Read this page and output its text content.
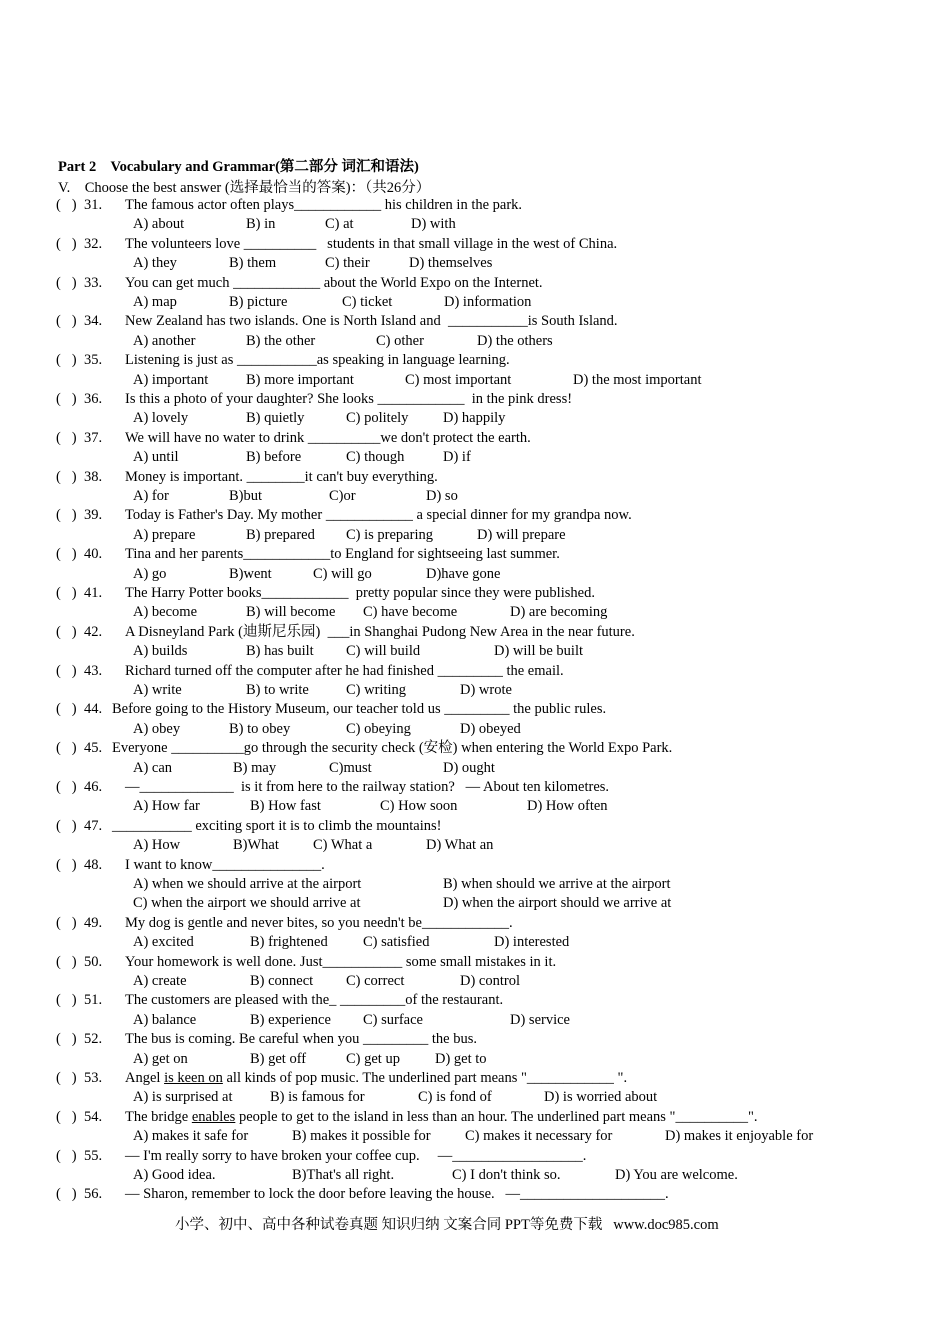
Part 2    Vocabulary and Grammar(第二部分 词汇和语法)
V.    Choose the best answer (选择最恰当的答案)：（共26分）
(   ) 31.	The famous actor often plays____________ his children in the park.
A) about	B) in	C) at	D) with
(   ) 32.	The volunteers love __________   students in that small village in the west of China.
A) they	B) them	C) their	D) themselves
(   ) 33.	You can get much ____________ about the World Expo on the Internet.
A) map	B) picture	C) ticket	D) information
(   ) 34.	New Zealand has two islands. One is North Island and  ___________is South Island.
A) another	B) the other	C) other	D) the others
(   ) 35.	Listening is just as ___________as speaking in language learning.
A) important	B) more important	C) most important	D) the most important
(   ) 36.	Is this a photo of your daughter? She looks ____________  in the pink dress!
A) lovely	B) quietly	C) politely D) happily
(   ) 37.	We will have no water to drink __________we don't protect the earth.
A) until	B) before	C) though	D) if
(   ) 38.	Money is important. ________it can't buy everything.
A) for	B)but	C)or	D) so
(   ) 39.	Today is Father's Day. My mother ____________ a special dinner for my grandpa now.
A) prepare	B) prepared C) is preparing	D) will prepare
(   ) 40.	Tina and her parents____________to England for sightseeing last summer.
A) go	B)went	C) will go	D)have gone
(   ) 41.	The Harry Potter books____________  pretty popular since they were published.
A) become	B) will become C) have become	D) are becoming
(   ) 42.	A Disneyland Park (迪斯尼乐园)  ___in Shanghai Pudong New Area in the near future.
A) builds	B) has built C) will build	D) will be built
(   ) 43.	Richard turned off the computer after he had finished _________ the email.
A) write	B) to write	C) writing	D) wrote
(   ) 44. Before going to the History Museum, our teacher told us _________ the public rules.
A) obey	B) to obey	C) obeying	D) obeyed
(   ) 45. Everyone __________go through the security check (安检) when entering the World Expo Park.
A) can	B) may	C)must	D) ought
(   ) 46.	—_____________  is it from here to the railway station?   — About ten kilometres.
A) How far	B) How fast	C) How soon	D) How often
(   ) 47. ___________ exciting sport it is to climb the mountains!
A) How	B)What C) What a	D) What an
(   ) 48.	I want to know_______________.
A) when we should arrive at the airport	B) when should we arrive at the airport
C) when the airport we should arrive at	D) when the airport should we arrive at
(   ) 49.	My dog is gentle and never bites, so you needn't be____________.
A) excited	B) frightened C) satisfied	D) interested
(   ) 50.	Your homework is well done. Just___________ some small mistakes in it.
A) create	B) connect C) correct	D) control
(   ) 51.	The customers are pleased with the_ _________of the restaurant.
A) balance	B) experience C) surface	D) service
(   ) 52.	The bus is coming. Be careful when you _________ the bus.
A) get on	B) get off	C) get up D) get to
(   ) 53.	Angel is keen on all kinds of pop music. The underlined part means "____________ ".
A) is surprised at	B) is famous for	C) is fond of	D) is worried about
(   ) 54.	The bridge enables people to get to the island in less than an hour. The underlined part means "__________".
A) makes it safe for	B) makes it possible for C) makes it necessary for	D) makes it enjoyable for
(   ) 55.	— I'm really sorry to have broken your coffee cup.     —__________________.
A) Good idea.	B)That's all right.	C) I don't think so.	D) You are welcome.
(   ) 56.	— Sharon, remember to lock the door before leaving the house.   —____________________.
小学、初中、高中各种试卷真题 知识归纳 文案合同 PPT等免费下载   www.doc985.com
